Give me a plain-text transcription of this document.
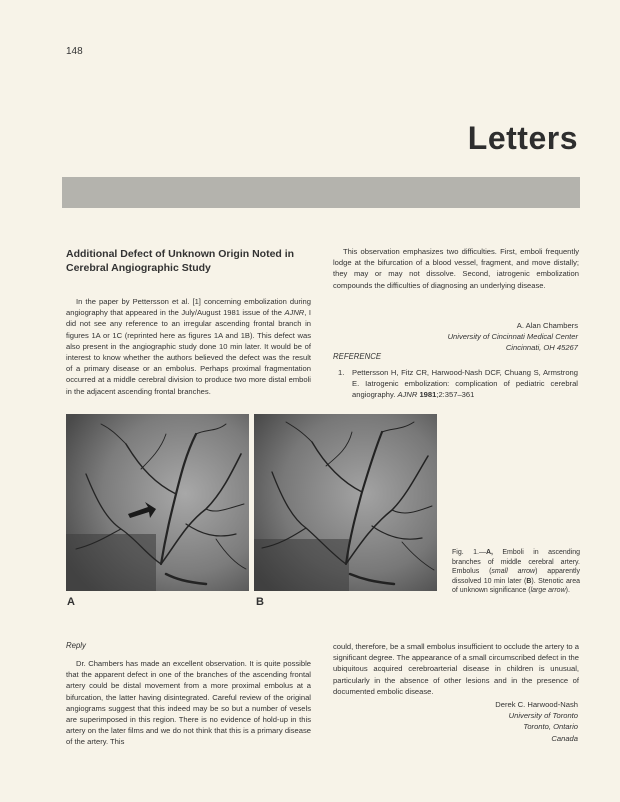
148
Letters
Additional Defect of Unknown Origin Noted in
Cerebral Angiographic Study

In the paper by Pettersson et al. [1] concerning embolization during angiography that appeared in the July/August 1981 issue of the AJNR, I did not see any reference to an irregular ascending frontal branch in figures 1A or 1C (reprinted here as figures 1A and 1B). This defect was also present in the angiographic study done 10 min later. It would be of interest to know whether the authors believed the defect was the result of a primary disease or an embolus. Perhaps proximal fragmentation occurred at a middle cerebral division to produce two more distal emboli in the adjacent ascending frontal branches.

This observation emphasizes two difficulties. First, emboli frequently lodge at the bifurcation of a blood vessel, fragment, and move distally; they may or may not dissolve. Second, iatrogenic embolization compounds the difficulties of diagnosing an underlying disease.

A. Alan Chambers
University of Cincinnati Medical Center
Cincinnati, OH 45267
REFERENCE
1.	Pettersson H, Fitz CR, Harwood-Nash DCF, Chuang S, Armstrong E. Iatrogenic embolization: complication of pediatric cerebral angiography. AJNR 1981;2:357–361
A	B
Fig. 1.—A, Emboli in ascending branches of middle cerebral artery. Embolus (small arrow) apparently dissolved 10 min later (B). Stenotic area of unknown significance (large arrow).
Reply

Dr. Chambers has made an excellent observation. It is quite possible that the apparent defect in one of the branches of the ascending frontal artery could be distal movement from a more proximal embolus at a bifurcation, the latter having disintegrated. Careful review of the original angiograms suggest that this indeed may be so but a number of vesels are superimposed in this region. There is no evidence of hold-up in this artery on the later films and we do not think that this is a primary disease of the artery. This

could, therefore, be a small embolus insufficient to occlude the artery to a significant degree. The appearance of a small circumscribed defect in the ubiquitous acquired cerebroarterial disease in children is unusual, particularly in the absence of other lesions and in the presence of documented embolic disease.

Derek C. Harwood-Nash
University of Toronto
Toronto, Ontario
Canada
